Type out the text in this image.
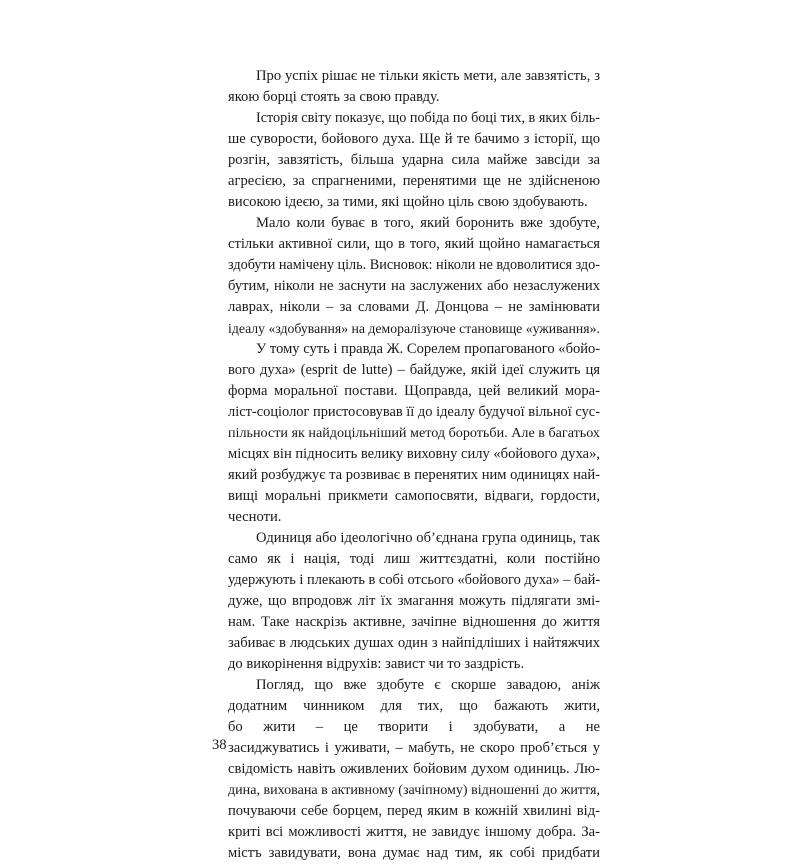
Про успіх рішає не тільки якість мети, але завзятість, з
якою борці стоять за свою правду.
Історія світу показує, що побіда по боці тих, в яких біль-
ше суворости, бойового духа. Ще й те бачимо з історії, що
розгін, завзятість, більша ударна сила майже завсіди за
агресією, за спрагненими, перенятими ще не здійсненою
високою ідеєю, за тими, які щойно ціль свою здобувають.
Мало коли буває в того, який боронить вже здобуте,
стільки активної сили, що в того, який щойно намагається
здобути намічену ціль. Висновок: ніколи не вдоволитися здо-
бутим, ніколи не заснути на заслужених або незаслужених
лаврах, ніколи – за словами Д. Донцова – не замінювати
ідеалу «здобування» на деморалізуюче становище «уживання».
У тому суть і правда Ж. Сорелем пропагованого «бойо-
вого духа» (esprit de lutte) – байдуже, якій ідеї служить ця
форма моральної постави. Щоправда, цей великий мора-
ліст-соціолог пристосовував її до ідеалу будучої вільної сус-
пільности як найдоцільніший метод боротьби. Але в багатьох
місцях він підносить велику виховну силу «бойового духа»,
який розбуджує та розвиває в перенятих ним одиницях най-
вищі моральні прикмети самопосвяти, відваги, гордости,
чесноти.
Одиниця або ідеологічно об’єднана група одиниць, так
само як і нація, тоді лиш життєздатні, коли постійно
удержують і плекають в собі отсього «бойового духа» – бай-
дуже, що впродовж літ їх змагання можуть підлягати змі-
нам. Таке наскрізь активне, зачіпне відношення до життя
забиває в людських душах один з найпідліших і найтяжчих
до викорінення відрухів: завист чи то заздрість.
Погляд, що вже здобуте є скорше завадою, аніж
додатним чинником для тих, що бажають жити,
бо жити – це творити і здобувати, а не
засиджуватись і уживати, – мабуть, не скоро проб’ється у
свідомість навіть оживлених бойовим духом одиниць. Лю-
дина, вихована в активному (зачіпному) відношенні до життя,
почуваючи себе борцем, перед яким в кожній хвилині від-
криті всі можливості життя, не завидує іншому добра. За-
містъ завидувати, вона думає над тим, як собі придбати
38
